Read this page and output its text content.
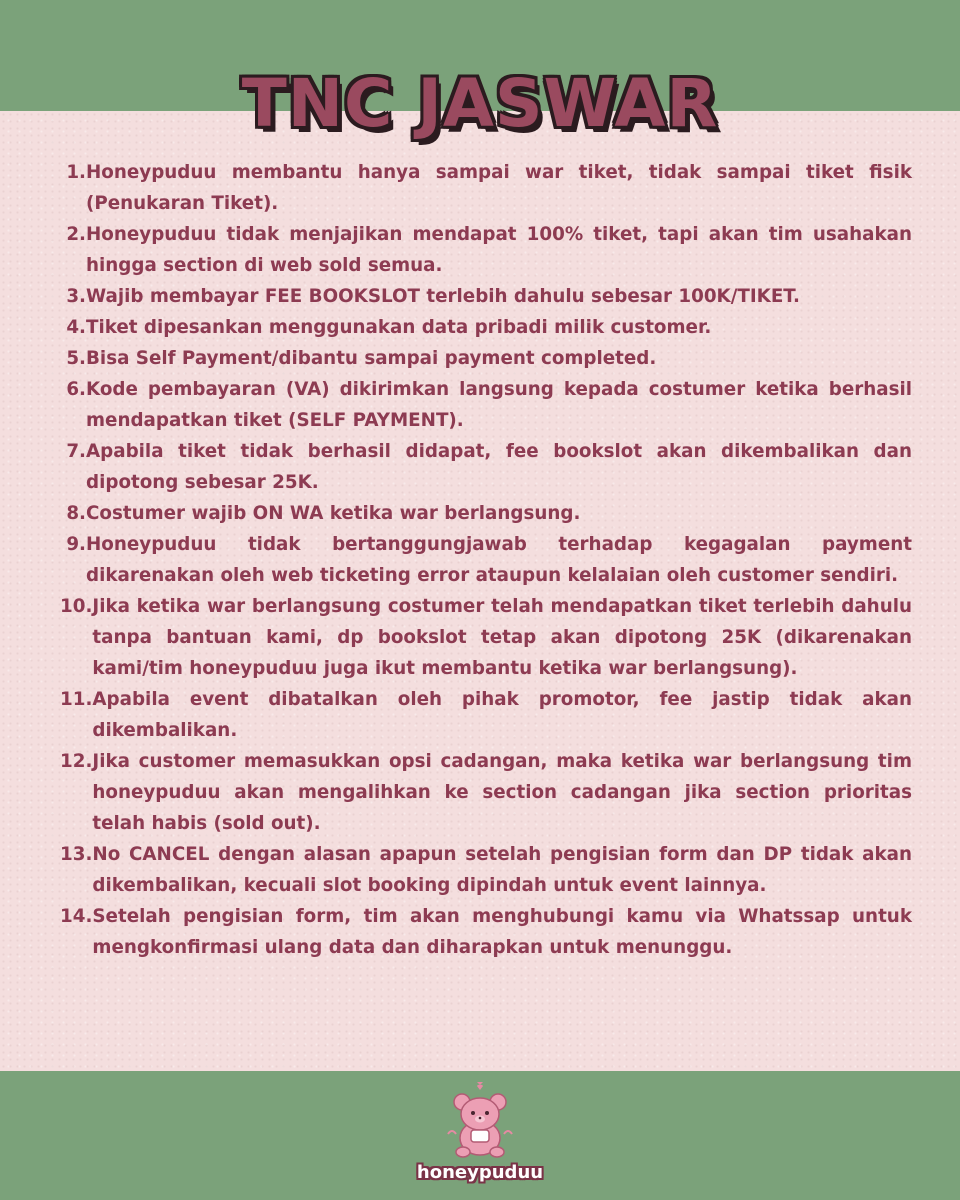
TNC JASWAR
1. Honeypuduu membantu hanya sampai war tiket, tidak sampai tiket fisik (Penukaran Tiket).
2. Honeypuduu tidak menjajikan mendapat 100% tiket, tapi akan tim usahakan hingga section di web sold semua.
3. Wajib membayar FEE BOOKSLOT terlebih dahulu sebesar 100K/TIKET.
4. Tiket dipesankan menggunakan data pribadi milik customer.
5. Bisa Self Payment/dibantu sampai payment completed.
6. Kode pembayaran (VA) dikirimkan langsung kepada costumer ketika berhasil mendapatkan tiket (SELF PAYMENT).
7. Apabila tiket tidak berhasil didapat, fee bookslot akan dikembalikan dan dipotong sebesar 25K.
8. Costumer wajib ON WA ketika war berlangsung.
9. Honeypuduu tidak bertanggungjawab terhadap kegagalan payment dikarenakan oleh web ticketing error ataupun kelalaian oleh customer sendiri.
10. Jika ketika war berlangsung costumer telah mendapatkan tiket terlebih dahulu tanpa bantuan kami, dp bookslot tetap akan dipotong 25K (dikarenakan kami/tim honeypuduu juga ikut membantu ketika war berlangsung).
11. Apabila event dibatalkan oleh pihak promotor, fee jastip tidak akan dikembalikan.
12. Jika customer memasukkan opsi cadangan, maka ketika war berlangsung tim honeypuduu akan mengalihkan ke section cadangan jika section prioritas telah habis (sold out).
13. No CANCEL dengan alasan apapun setelah pengisian form dan DP tidak akan dikembalikan, kecuali slot booking dipindah untuk event lainnya.
14. Setelah pengisian form, tim akan menghubungi kamu via Whatssap untuk mengkonfirmasi ulang data dan diharapkan untuk menunggu.
honeypuduu
